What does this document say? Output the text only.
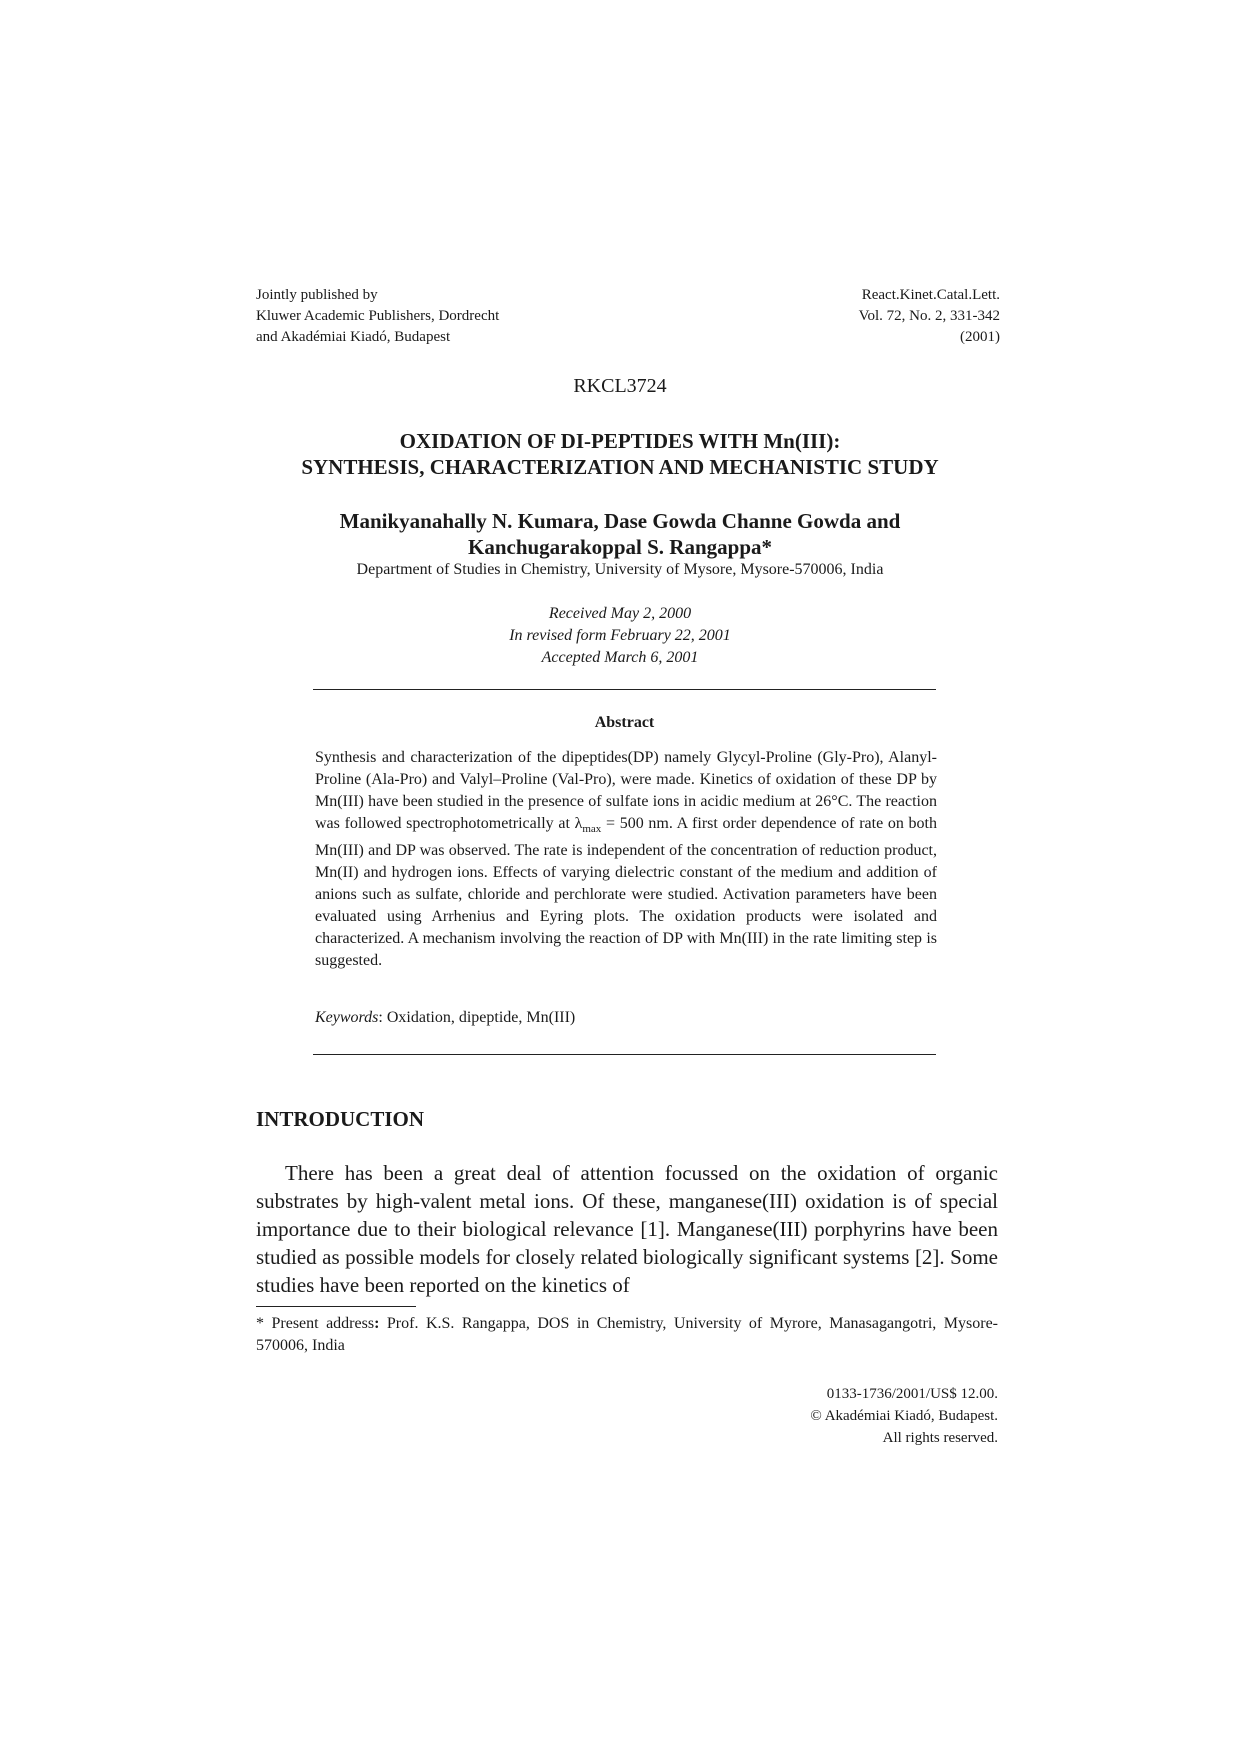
Jointly published by
Kluwer Academic Publishers, Dordrecht
and Akadémiai Kiadó, Budapest
React.Kinet.Catal.Lett.
Vol. 72, No. 2, 331-342
(2001)
RKCL3724
OXIDATION OF DI-PEPTIDES WITH Mn(III):
SYNTHESIS, CHARACTERIZATION AND MECHANISTIC STUDY
Manikyanahally N. Kumara, Dase Gowda Channe Gowda and
Kanchugarakoppal S. Rangappa*
Department of Studies in Chemistry, University of Mysore, Mysore-570006, India
Received May 2, 2000
In revised form February 22, 2001
Accepted March 6, 2001
Abstract

Synthesis and characterization of the dipeptides(DP) namely Glycyl-Proline (Gly-Pro), Alanyl-Proline (Ala-Pro) and Valyl–Proline (Val-Pro), were made. Kinetics of oxidation of these DP by Mn(III) have been studied in the presence of sulfate ions in acidic medium at 26°C. The reaction was followed spectrophotometrically at $\lambda_{max} = 500$ nm. A first order dependence of rate on both Mn(III) and DP was observed. The rate is independent of the concentration of reduction product, Mn(II) and hydrogen ions. Effects of varying dielectric constant of the medium and addition of anions such as sulfate, chloride and perchlorate were studied. Activation parameters have been evaluated using Arrhenius and Eyring plots. The oxidation products were isolated and characterized. A mechanism involving the reaction of DP with Mn(III) in the rate limiting step is suggested.

Keywords: Oxidation, dipeptide, Mn(III)
INTRODUCTION

There has been a great deal of attention focussed on the oxidation of organic substrates by high-valent metal ions. Of these, manganese(III) oxidation is of special importance due to their biological relevance [1]. Manganese(III) porphyrins have been studied as possible models for closely related biologically significant systems [2]. Some studies have been reported on the kinetics of

* Present address: Prof. K.S. Rangappa, DOS in Chemistry, University of Myrore, Manasagangotri, Mysore-570006, India
0133-1736/2001/US$ 12.00.
© Akadémiai Kiadó, Budapest.
All rights reserved.
